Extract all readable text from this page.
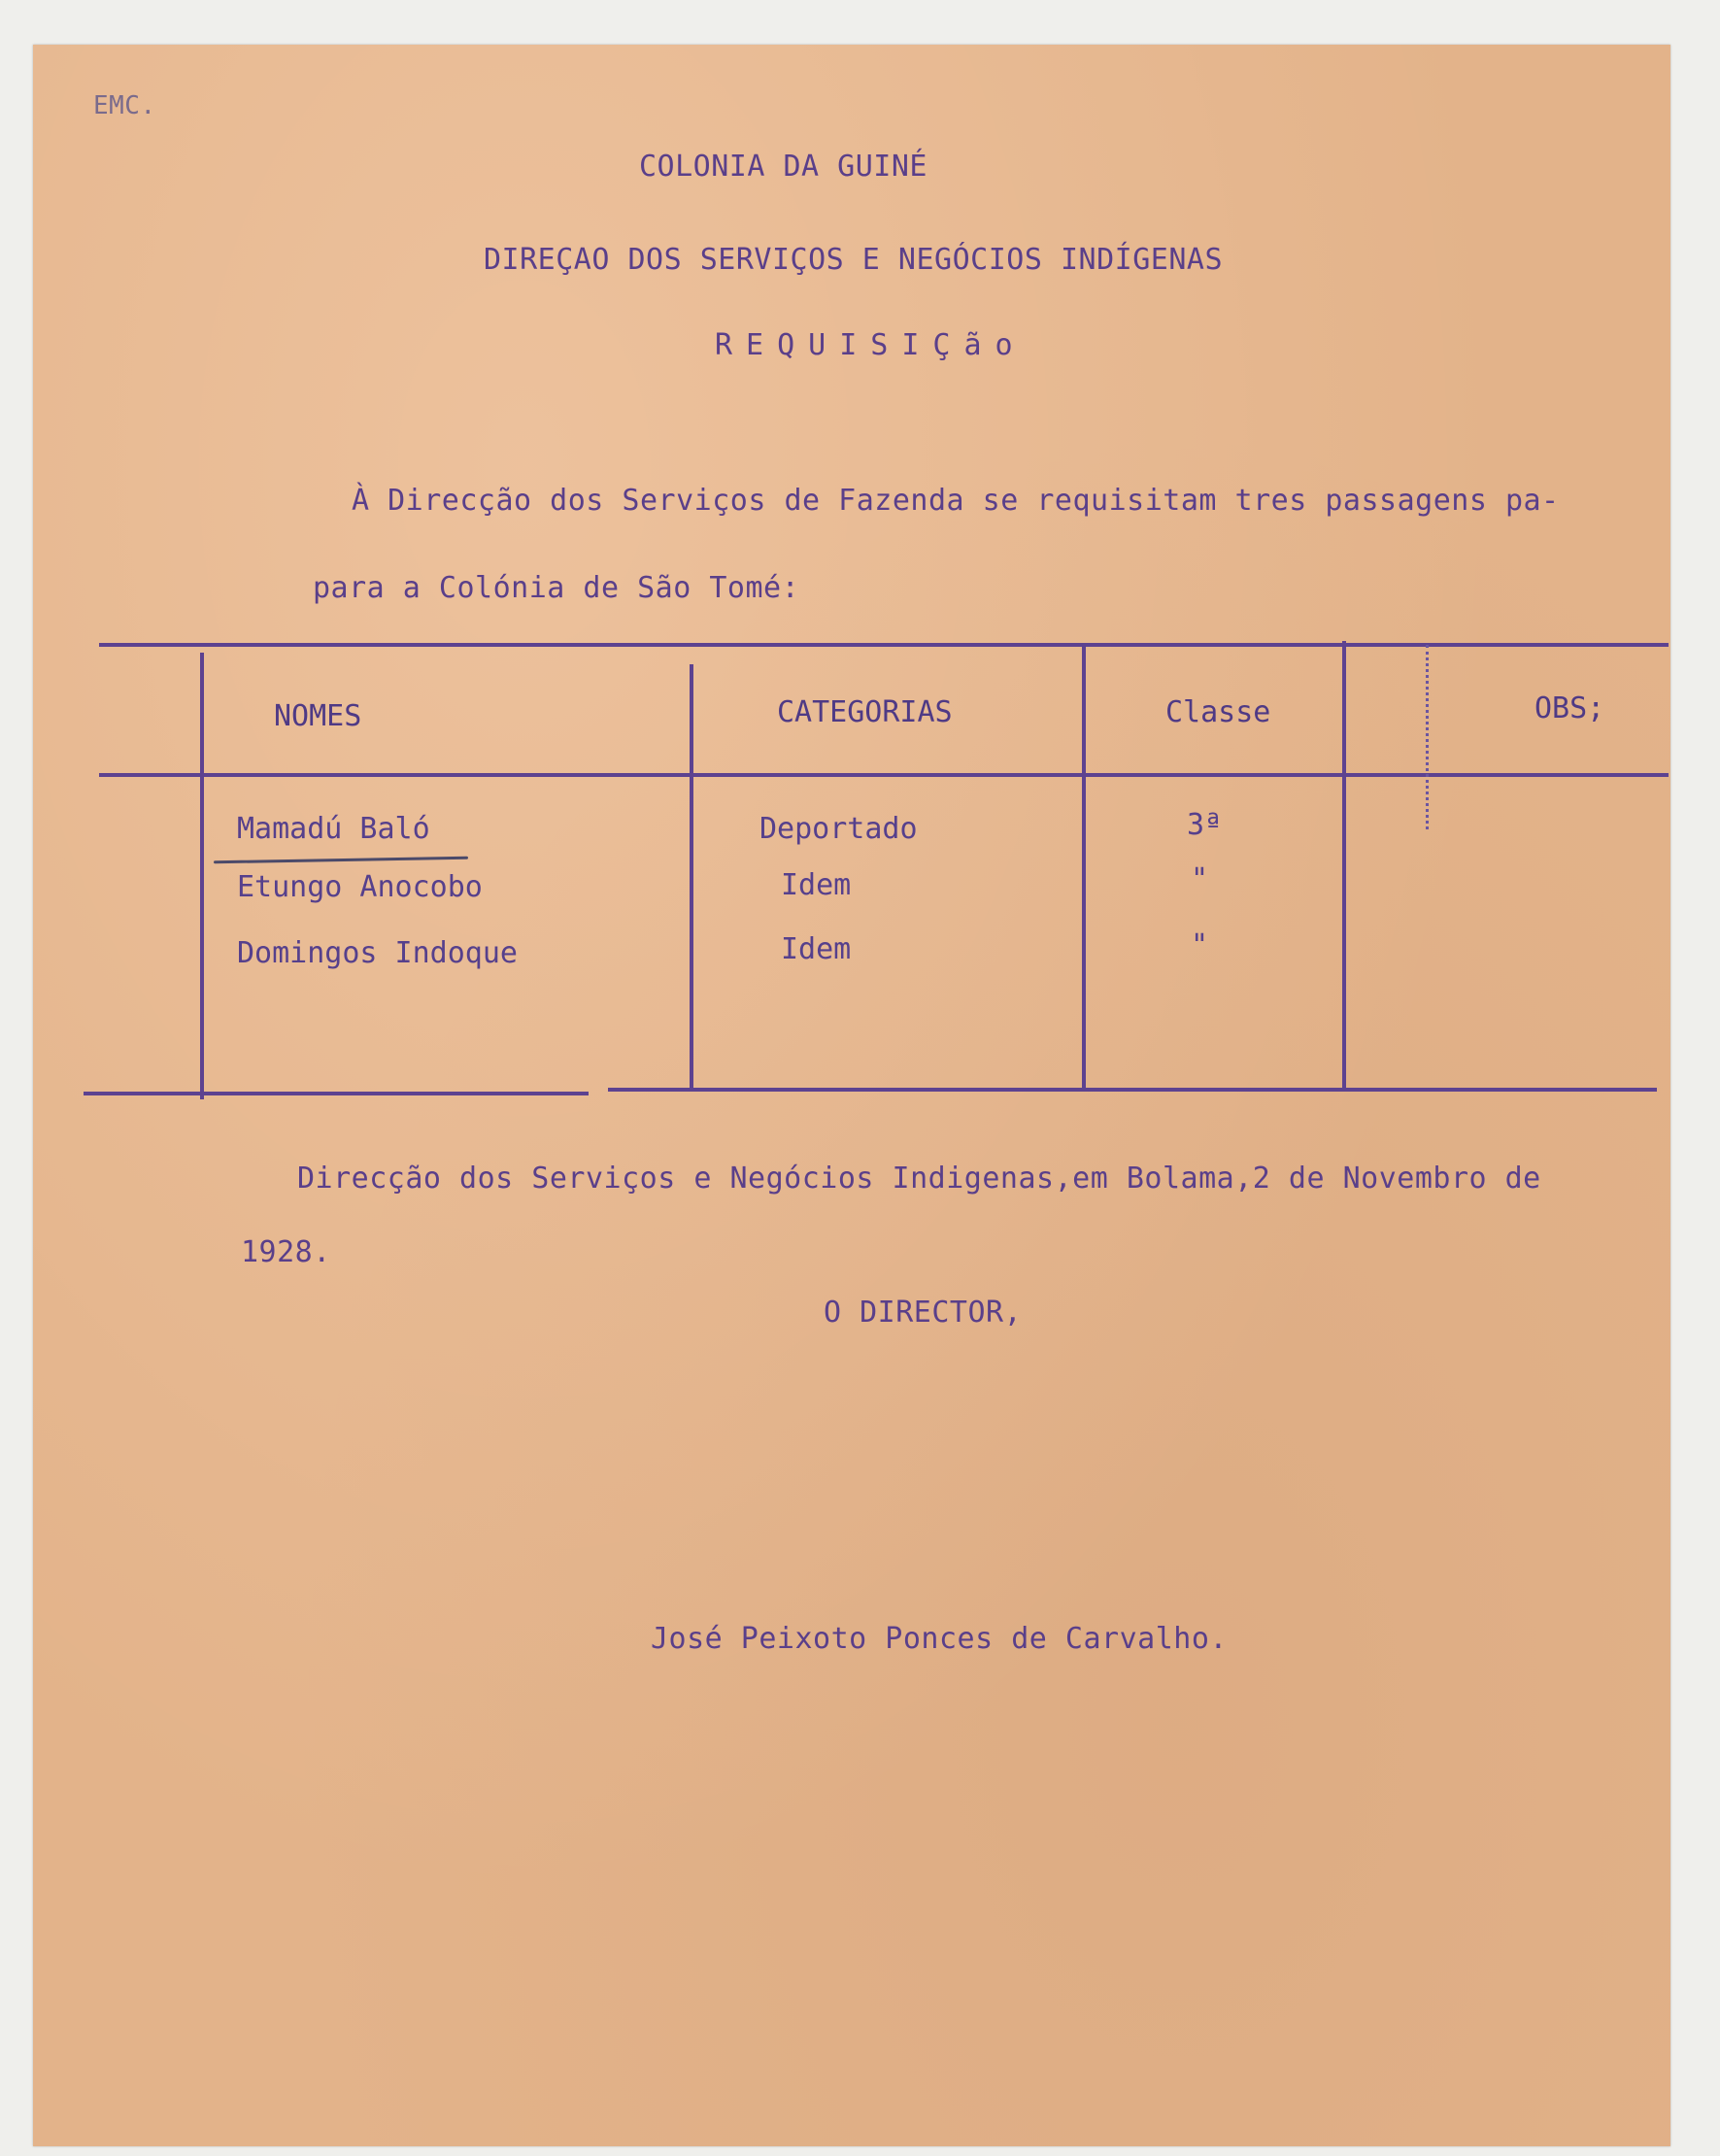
EMC.
COLONIA DA GUINÉ
DIREÇAO DOS SERVIÇOS E NEGÓCIOS INDÍGENAS
REQUISIÇão
À Direcção dos Serviços de Fazenda se requisitam tres passagens pa-
para a Colónia de São Tomé:
NOMES	CATEGORIAS	Classe	OBS;
Mamadú Baló	Deportado	3ª
Etungo Anocobo	Idem	"
Domingos Indoque	Idem	"
Direcção dos Serviços e Negócios Indigenas,em Bolama,2 de Novembro de
1928.
O DIRECTOR,
José Peixoto Ponces de Carvalho.
